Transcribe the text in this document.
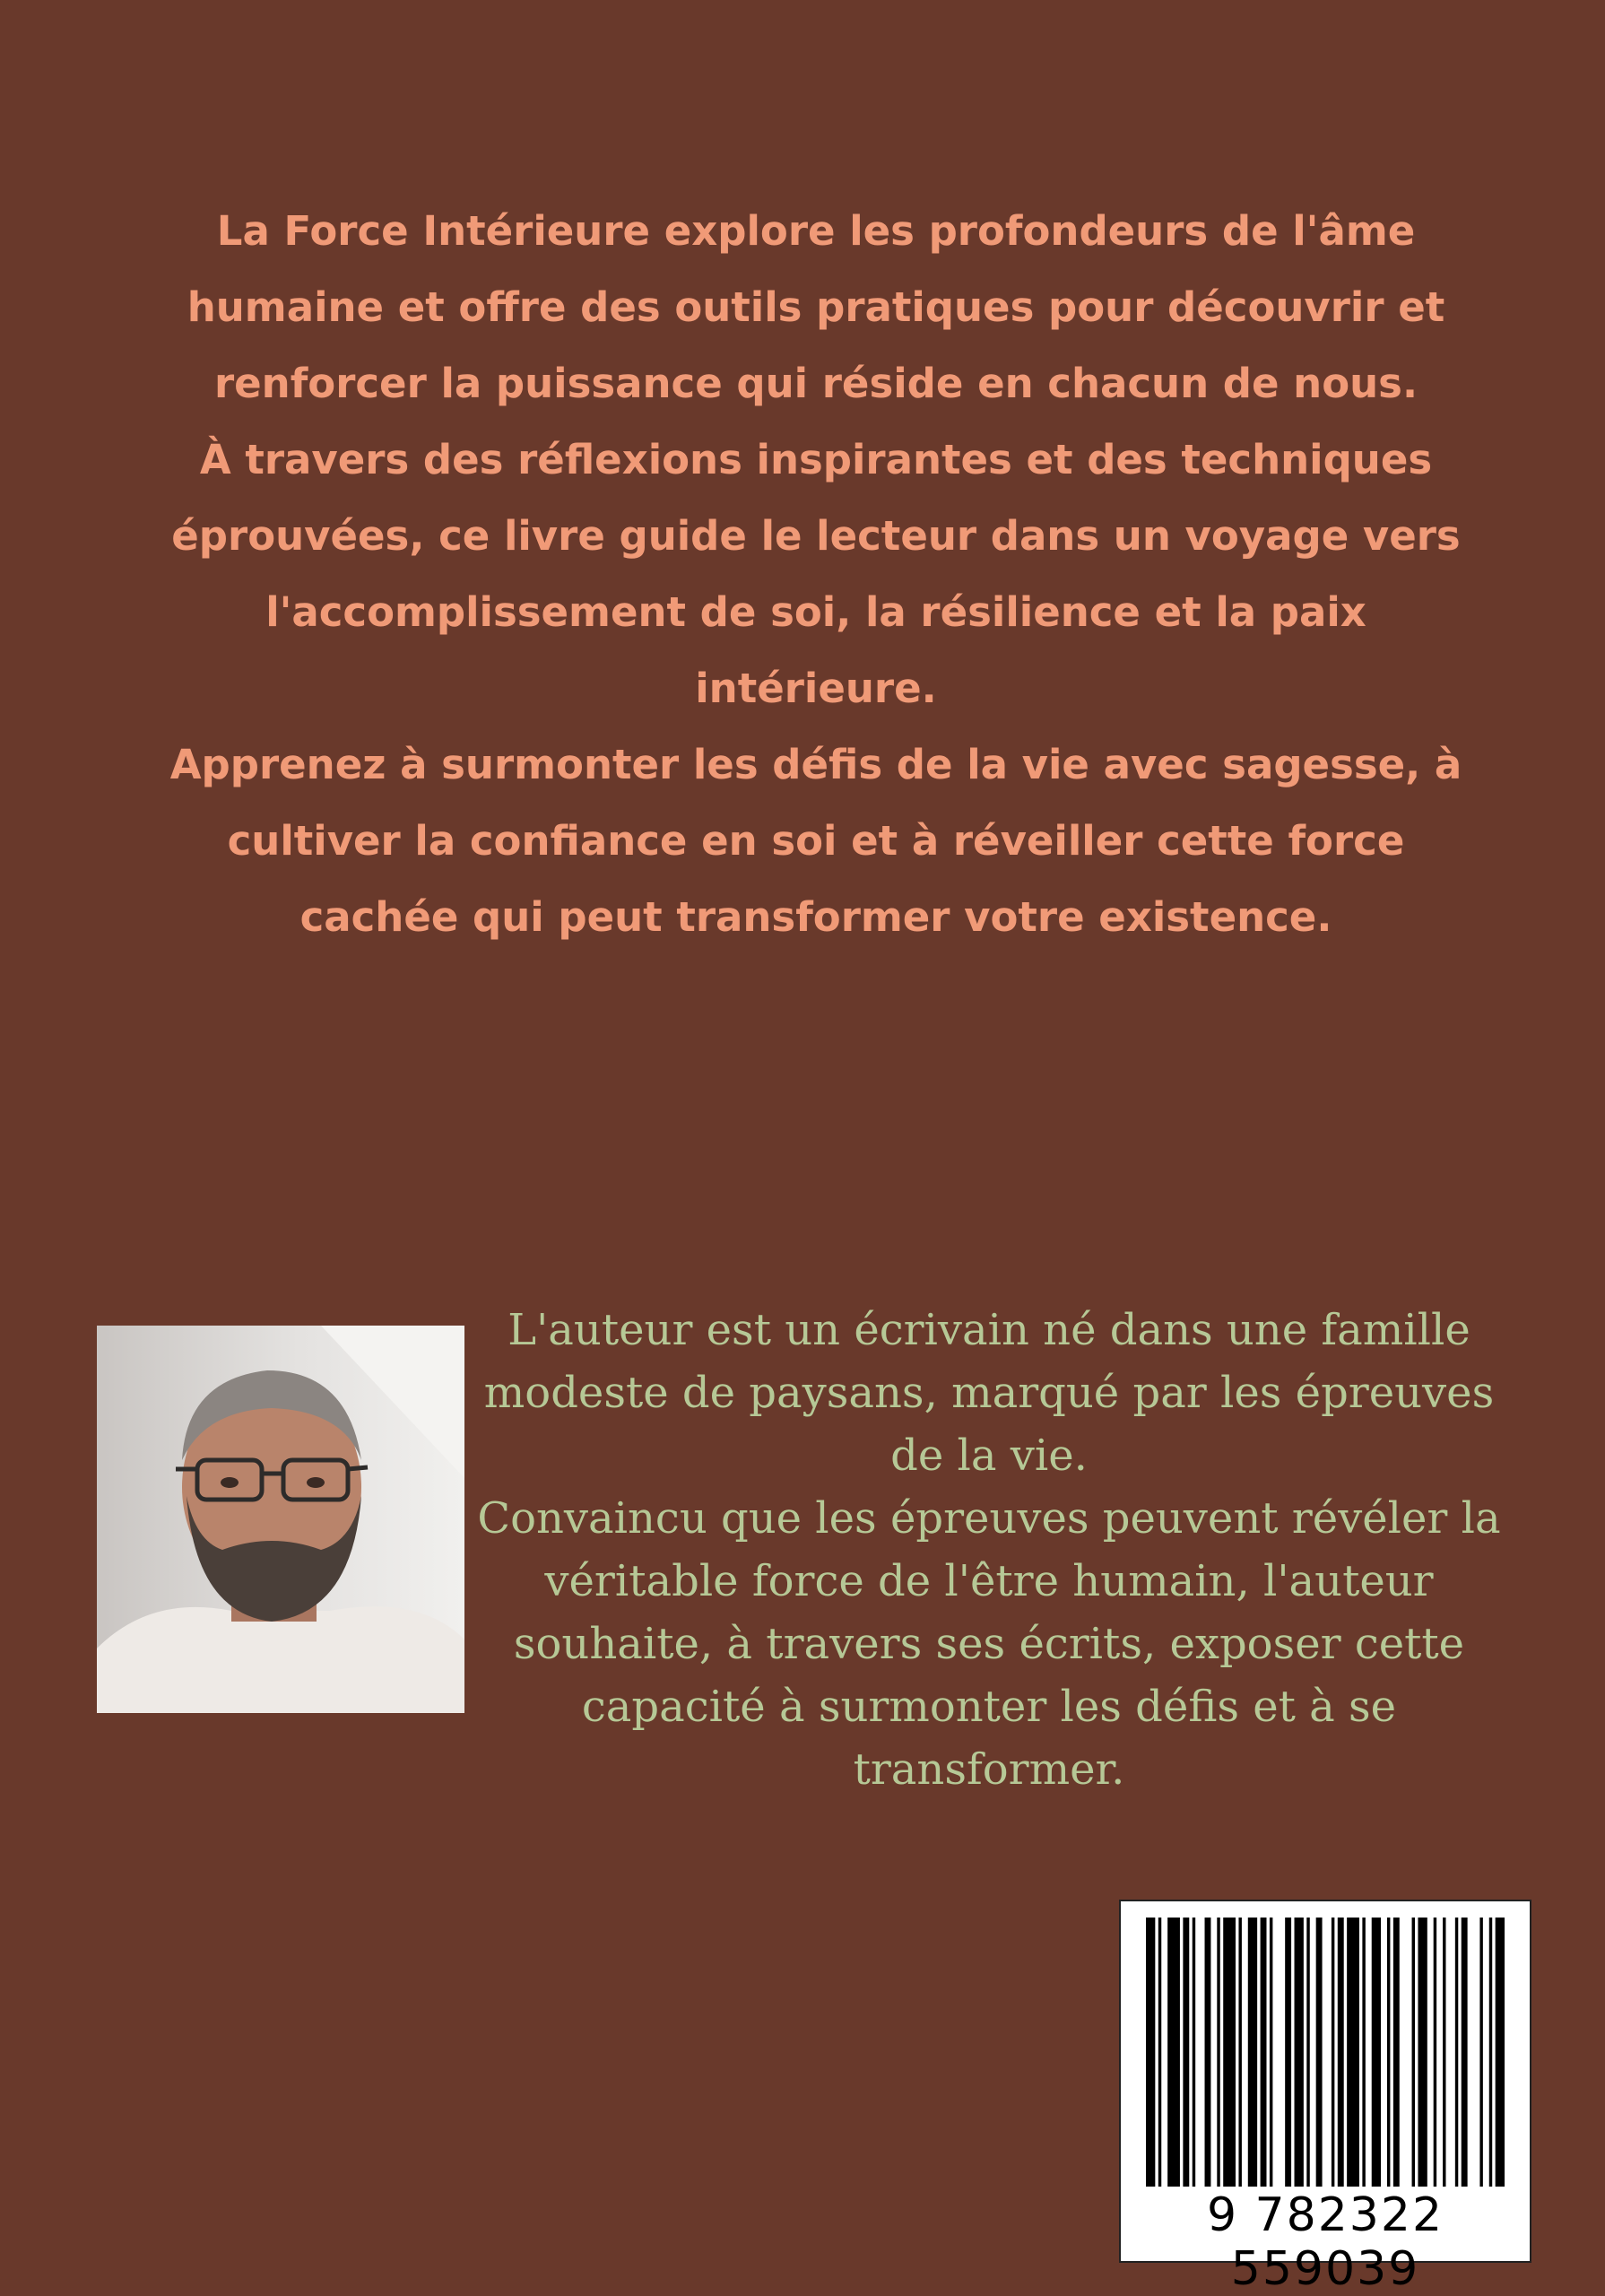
La Force Intérieure explore les profondeurs de l'âme humaine et offre des outils pratiques pour découvrir et renforcer la puissance qui réside en chacun de nous.

À travers des réflexions inspirantes et des techniques éprouvées, ce livre guide le lecteur dans un voyage vers l'accomplissement de soi, la résilience et la paix intérieure.

Apprenez à surmonter les défis de la vie avec sagesse, à cultiver la confiance en soi et à réveiller cette force cachée qui peut transformer votre existence.

L'auteur est un écrivain né dans une famille modeste de paysans, marqué par les épreuves de la vie.

Convaincu que les épreuves peuvent révéler la véritable force de l'être humain, l'auteur souhaite, à travers ses écrits, exposer cette capacité à surmonter les défis et à se transformer.

9 782322 559039
